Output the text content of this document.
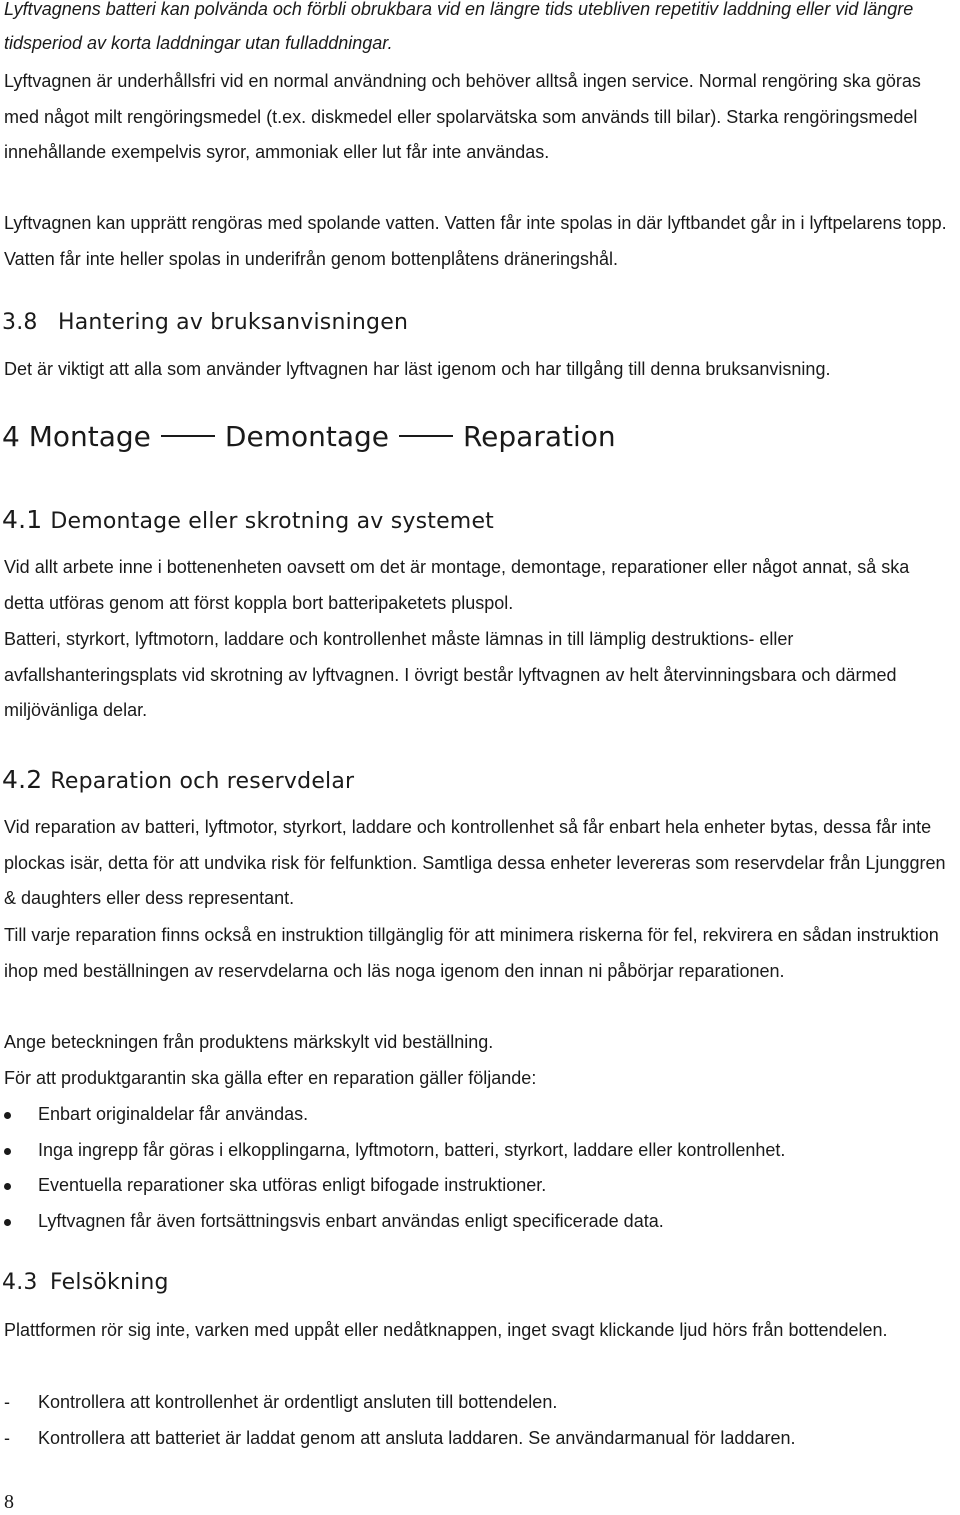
Lyftvagnens batteri kan polvända och förbli obrukbara vid en längre tids utebliven repetitiv laddning eller vid längre tidsperiod av korta laddningar utan fulladdningar.

Lyftvagnen är underhållsfri vid en normal användning och behöver alltså ingen service. Normal rengöring ska göras med något milt rengöringsmedel (t.ex. diskmedel eller spolarvätska som används till bilar). Starka rengöringsmedel innehållande exempelvis syror, ammoniak eller lut får inte användas.

Lyftvagnen kan upprätt rengöras med spolande vatten. Vatten får inte spolas in där lyftbandet går in i lyftpelarens topp. Vatten får inte heller spolas in underifrån genom bottenplåtens dräneringshål.

3.8 Hantering av bruksanvisningen

Det är viktigt att alla som använder lyftvagnen har läst igenom och har tillgång till denna bruksanvisning.

4 Montage	Demontage	Reparation
4.1 Demontage eller skrotning av systemet

Vid allt arbete inne i bottenenheten oavsett om det är montage, demontage, reparationer eller något annat, så ska detta utföras genom att först koppla bort batteripaketets pluspol.

Batteri, styrkort, lyftmotorn, laddare och kontrollenhet måste lämnas in till lämplig destruktions- eller avfallshanteringsplats vid skrotning av lyftvagnen. I övrigt består lyftvagnen av helt återvinningsbara och därmed miljövänliga delar.

4.2 Reparation och reservdelar

Vid reparation av batteri, lyftmotor, styrkort, laddare och kontrollenhet så får enbart hela enheter bytas, dessa får inte plockas isär, detta för att undvika risk för felfunktion. Samtliga dessa enheter levereras som reservdelar från Ljunggren & daughters eller dess representant.

Till varje reparation finns också en instruktion tillgänglig för att minimera riskerna för fel, rekvirera en sådan instruktion ihop med beställningen av reservdelarna och läs noga igenom den innan ni påbörjar reparationen.

Ange beteckningen från produktens märkskylt vid beställning.

För att produktgarantin ska gälla efter en reparation gäller följande:

Enbart originaldelar får användas.
Inga ingrepp får göras i elkopplingarna, lyftmotorn, batteri, styrkort, laddare eller kontrollenhet.
Eventuella reparationer ska utföras enligt bifogade instruktioner.
Lyftvagnen får även fortsättningsvis enbart användas enligt specificerade data.
4.3 Felsökning

Plattformen rör sig inte, varken med uppåt eller nedåtknappen, inget svagt klickande ljud hörs från bottendelen.

- Kontrollera att kontrollenhet är ordentligt ansluten till bottendelen.
- Kontrollera att batteriet är laddat genom att ansluta laddaren. Se användarmanual för laddaren.
8
